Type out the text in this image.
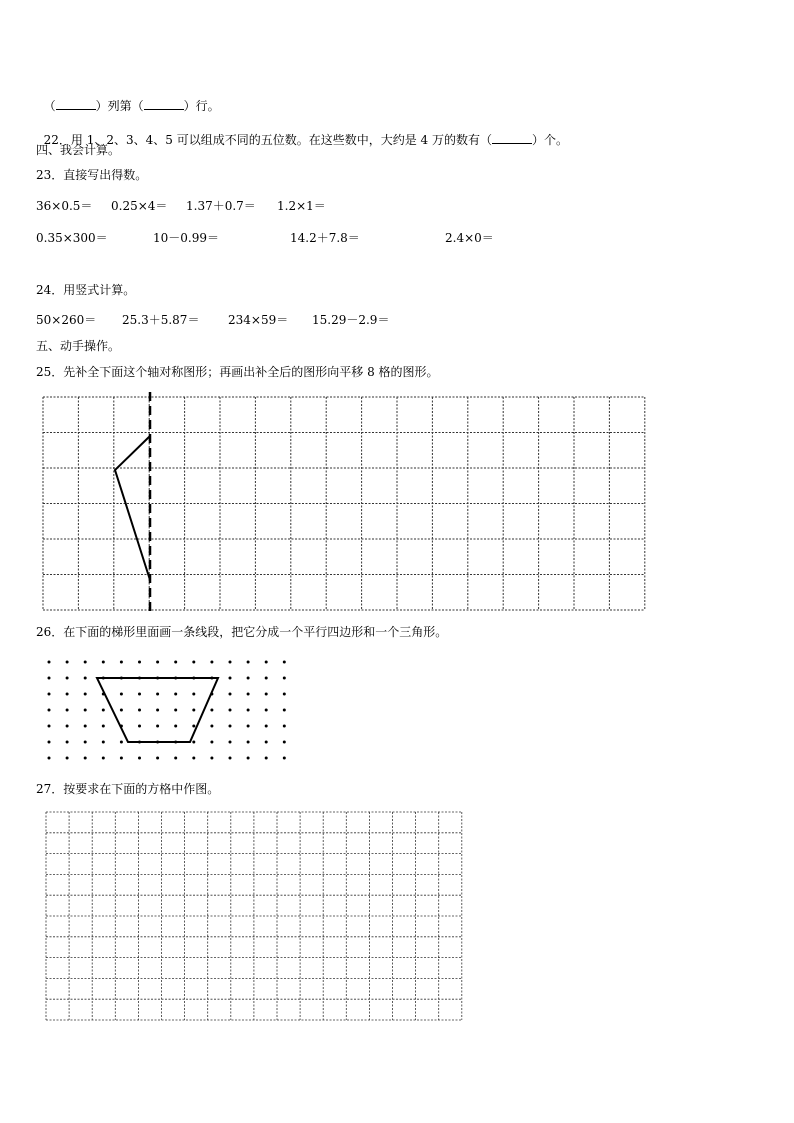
（	）列第（	）行。

22．用 1、2、3、4、5 可以组成不同的五位数。在这些数中，大约是 4 万的数有（	）个。

四、我会计算。
23．直接写出得数。

36×0.5＝

0.25×4＝

1.37＋0.7＝

1.2×1＝

0.35×300＝

	10－0.99＝

	14.2＋7.8＝

	2.4×0＝

24．用竖式计算。

50×260＝

25.3＋5.87＝

234×59＝

15.29－2.9＝

五、动手操作。
25．先补全下面这个轴对称图形；再画出补全后的图形向平移 8 格的图形。
26．在下面的梯形里面画一条线段，把它分成一个平行四边形和一个三角形。
27．按要求在下面的方格中作图。
